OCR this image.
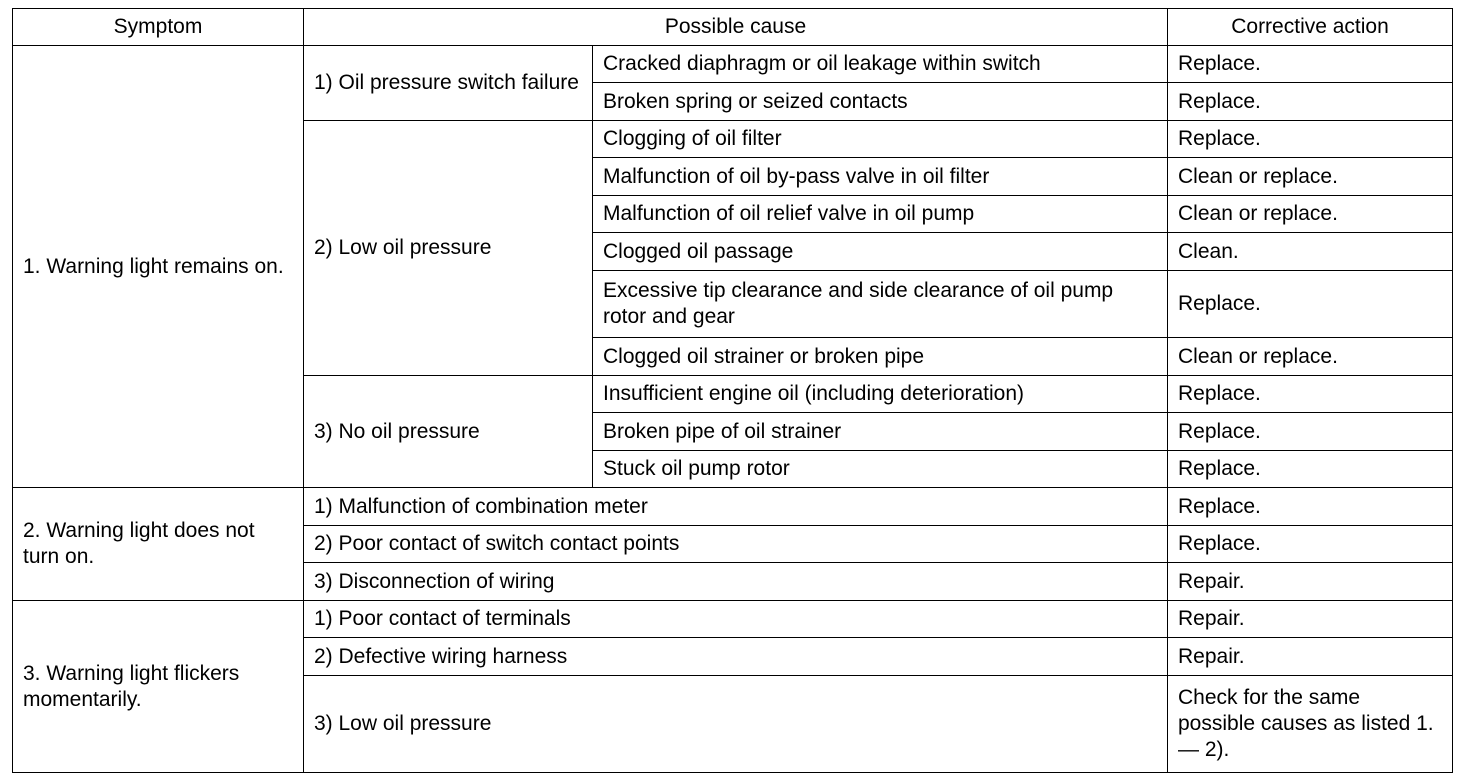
Symptom	Possible cause		Corrective action
1. Warning light remains on.	1) Oil pressure switch failure	Cracked diaphragm or oil leakage within switch	Replace.
		Broken spring or seized contacts	Replace.
	2) Low oil pressure	Clogging of oil filter	Replace.
		Malfunction of oil by-pass valve in oil filter	Clean or replace.
		Malfunction of oil relief valve in oil pump	Clean or replace.
		Clogged oil passage	Clean.
		Excessive tip clearance and side clearance of oil pump rotor and gear	Replace.
		Clogged oil strainer or broken pipe	Clean or replace.
	3) No oil pressure	Insufficient engine oil (including deterioration)	Replace.
		Broken pipe of oil strainer	Replace.
		Stuck oil pump rotor	Replace.
2. Warning light does not turn on.	1) Malfunction of combination meter		Replace.
	2) Poor contact of switch contact points		Replace.
	3) Disconnection of wiring		Repair.
3. Warning light flickers momentarily.	1) Poor contact of terminals		Repair.
	2) Defective wiring harness		Repair.
	3) Low oil pressure		Check for the same possible causes as listed 1. — 2).
